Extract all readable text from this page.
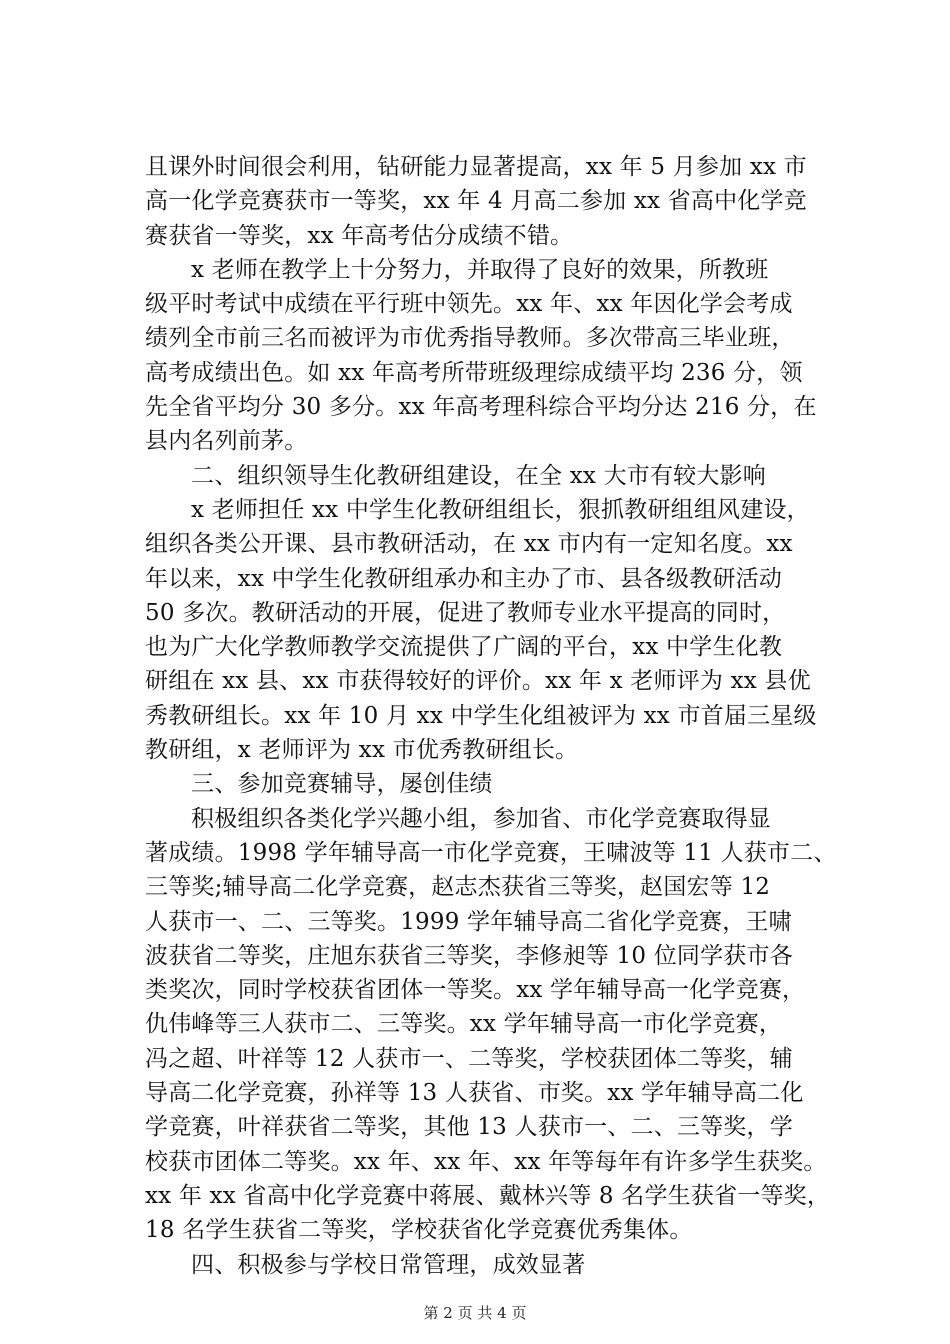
且课外时间很会利用，钻研能力显著提高，xx 年 5 月参加 xx 市
高一化学竞赛获市一等奖，xx 年 4 月高二参加 xx 省高中化学竞
赛获省一等奖，xx 年高考估分成绩不错。
x 老师在教学上十分努力，并取得了良好的效果，所教班
级平时考试中成绩在平行班中领先。xx 年、xx 年因化学会考成
绩列全市前三名而被评为市优秀指导教师。多次带高三毕业班，
高考成绩出色。如 xx 年高考所带班级理综成绩平均 236 分，领
先全省平均分 30 多分。xx 年高考理科综合平均分达 216 分，在
县内名列前茅。
二、组织领导生化教研组建设，在全 xx 大市有较大影响
x 老师担任 xx 中学生化教研组组长，狠抓教研组组风建设，
组织各类公开课、县市教研活动，在 xx 市内有一定知名度。xx
年以来，xx 中学生化教研组承办和主办了市、县各级教研活动
50 多次。教研活动的开展，促进了教师专业水平提高的同时，
也为广大化学教师教学交流提供了广阔的平台，xx 中学生化教
研组在 xx 县、xx 市获得较好的评价。xx 年 x 老师评为 xx 县优
秀教研组长。xx 年 10 月 xx 中学生化组被评为 xx 市首届三星级
教研组，x 老师评为 xx 市优秀教研组长。
三、参加竞赛辅导，屡创佳绩
积极组织各类化学兴趣小组，参加省、市化学竞赛取得显
著成绩。1998 学年辅导高一市化学竞赛，王啸波等 11 人获市二、
三等奖;辅导高二化学竞赛，赵志杰获省三等奖，赵国宏等 12
人获市一、二、三等奖。1999 学年辅导高二省化学竞赛，王啸
波获省二等奖，庄旭东获省三等奖，李修昶等 10 位同学获市各
类奖次，同时学校获省团体一等奖。xx 学年辅导高一化学竞赛，
仇伟峰等三人获市二、三等奖。xx 学年辅导高一市化学竞赛，
冯之超、叶祥等 12 人获市一、二等奖，学校获团体二等奖，辅
导高二化学竞赛，孙祥等 13 人获省、市奖。xx 学年辅导高二化
学竞赛，叶祥获省二等奖，其他 13 人获市一、二、三等奖，学
校获市团体二等奖。xx 年、xx 年、xx 年等每年有许多学生获奖。
xx 年 xx 省高中化学竞赛中蒋展、戴林兴等 8 名学生获省一等奖，
18 名学生获省二等奖，学校获省化学竞赛优秀集体。
四、积极参与学校日常管理，成效显著
第 2 页 共 4 页
